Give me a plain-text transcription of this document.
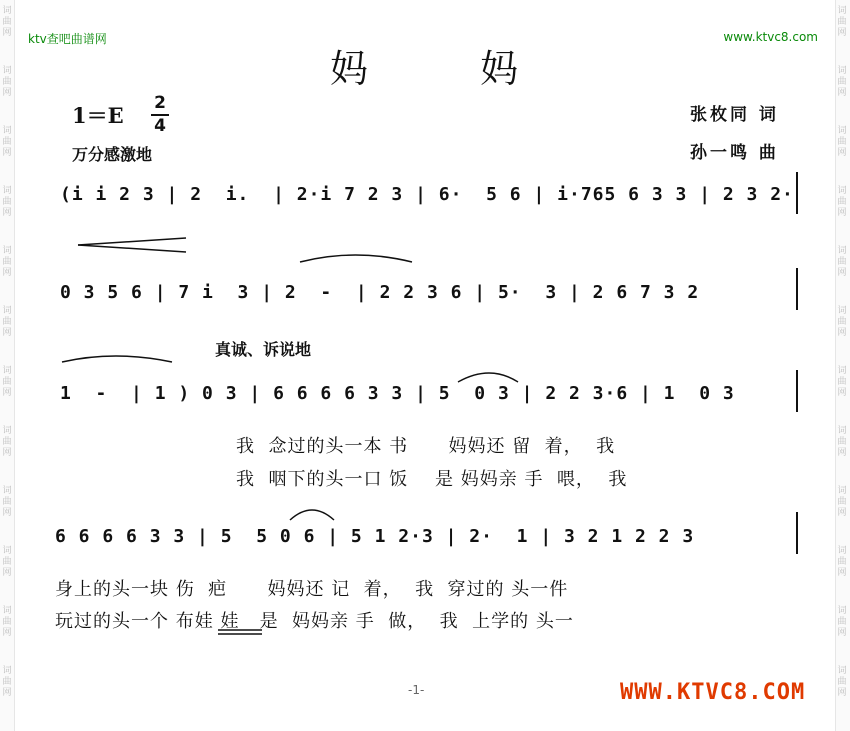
词
曲
网
词
曲
网
词
曲
网
词
曲
网
词
曲
网
词
曲
网
词
曲
网
词
曲
网
词
曲
网
词
曲
网
词
曲
网
词
曲
网
词
曲
网
词
曲
网
词
曲
网
词
曲
网
词
曲
网
词
曲
网
词
曲
网
词
曲
网
词
曲
网
词
曲
网
词
曲
网
词
曲
网
ktv查吧曲谱网	www.ktvc8.com
妈 妈
1＝E 2
4
万分感激地
张枚同 词
孙一鸣 曲
(i i 2 3 | 2  i.  | 2·i 7 2 3 | 6·  5 6 | i·765 6 3 3 | 2 3 2·
0 3 5 6 | 7 i  3 | 2  -  | 2 2 3 6 | 5·  3 | 2 6 7 3 2
真诚、诉说地
1  -  | 1 ) 0 3 | 6 6 6 6 3 3 | 5  0 3 | 2 2 3·6 | 1  0 3
我  念过的头一本 书      妈妈还 留  着，  我
我  咽下的头一口 饭    是 妈妈亲 手  喂，  我
6 6 6 6 3 3 | 5  5 0 6 | 5 1 2·3 | 2·  1 | 3 2 1 2 2 3
身上的头一块 伤  疤      妈妈还 记  着，  我  穿过的 头一件
玩过的头一个 布娃 娃   是  妈妈亲 手  做，  我  上学的 头一
-1-	WWW.KTVC8.COM
